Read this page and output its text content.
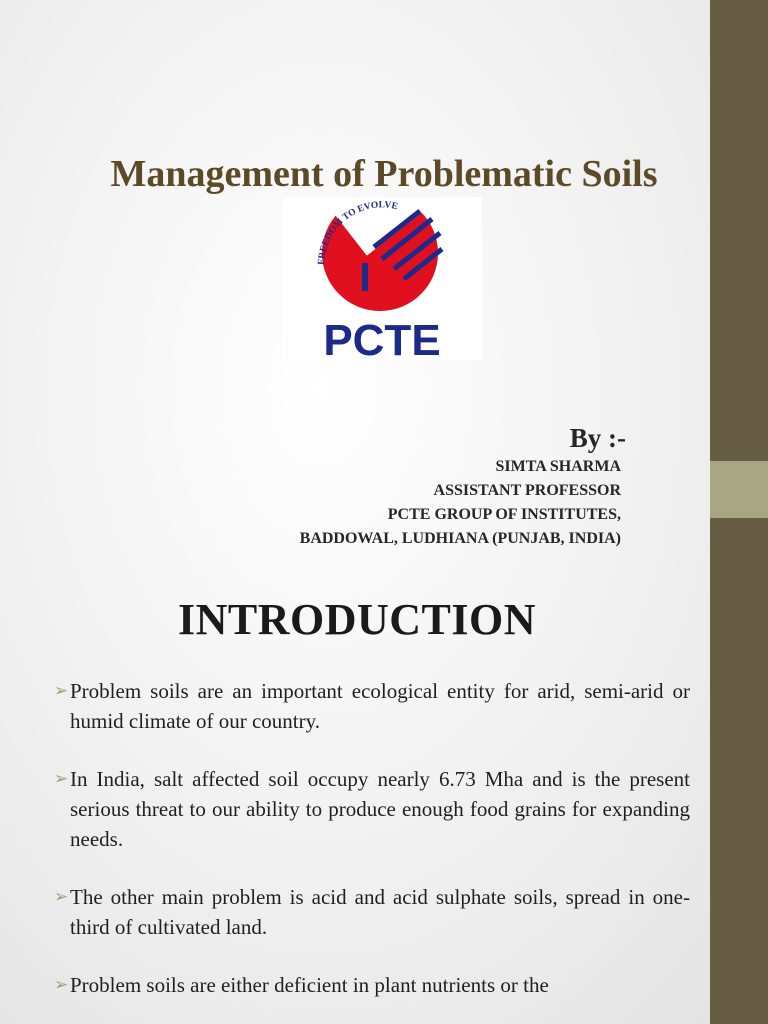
Management of Problematic Soils
FREEDOM TO EVOLVE
PCTE
By :-
SIMTA SHARMA
ASSISTANT PROFESSOR
PCTE GROUP OF INSTITUTES,
BADDOWAL, LUDHIANA (PUNJAB, INDIA)
INTRODUCTION
➢ Problem soils are an important ecological entity for arid, semi-arid or humid climate of our country.
➢ In India, salt affected soil occupy nearly 6.73 Mha and is the present serious threat to our ability to produce enough food grains for expanding needs.
➢ The other main problem is acid and acid sulphate soils, spread in one-third of cultivated land.
➢ Problem soils are either deficient in plant nutrients or the
